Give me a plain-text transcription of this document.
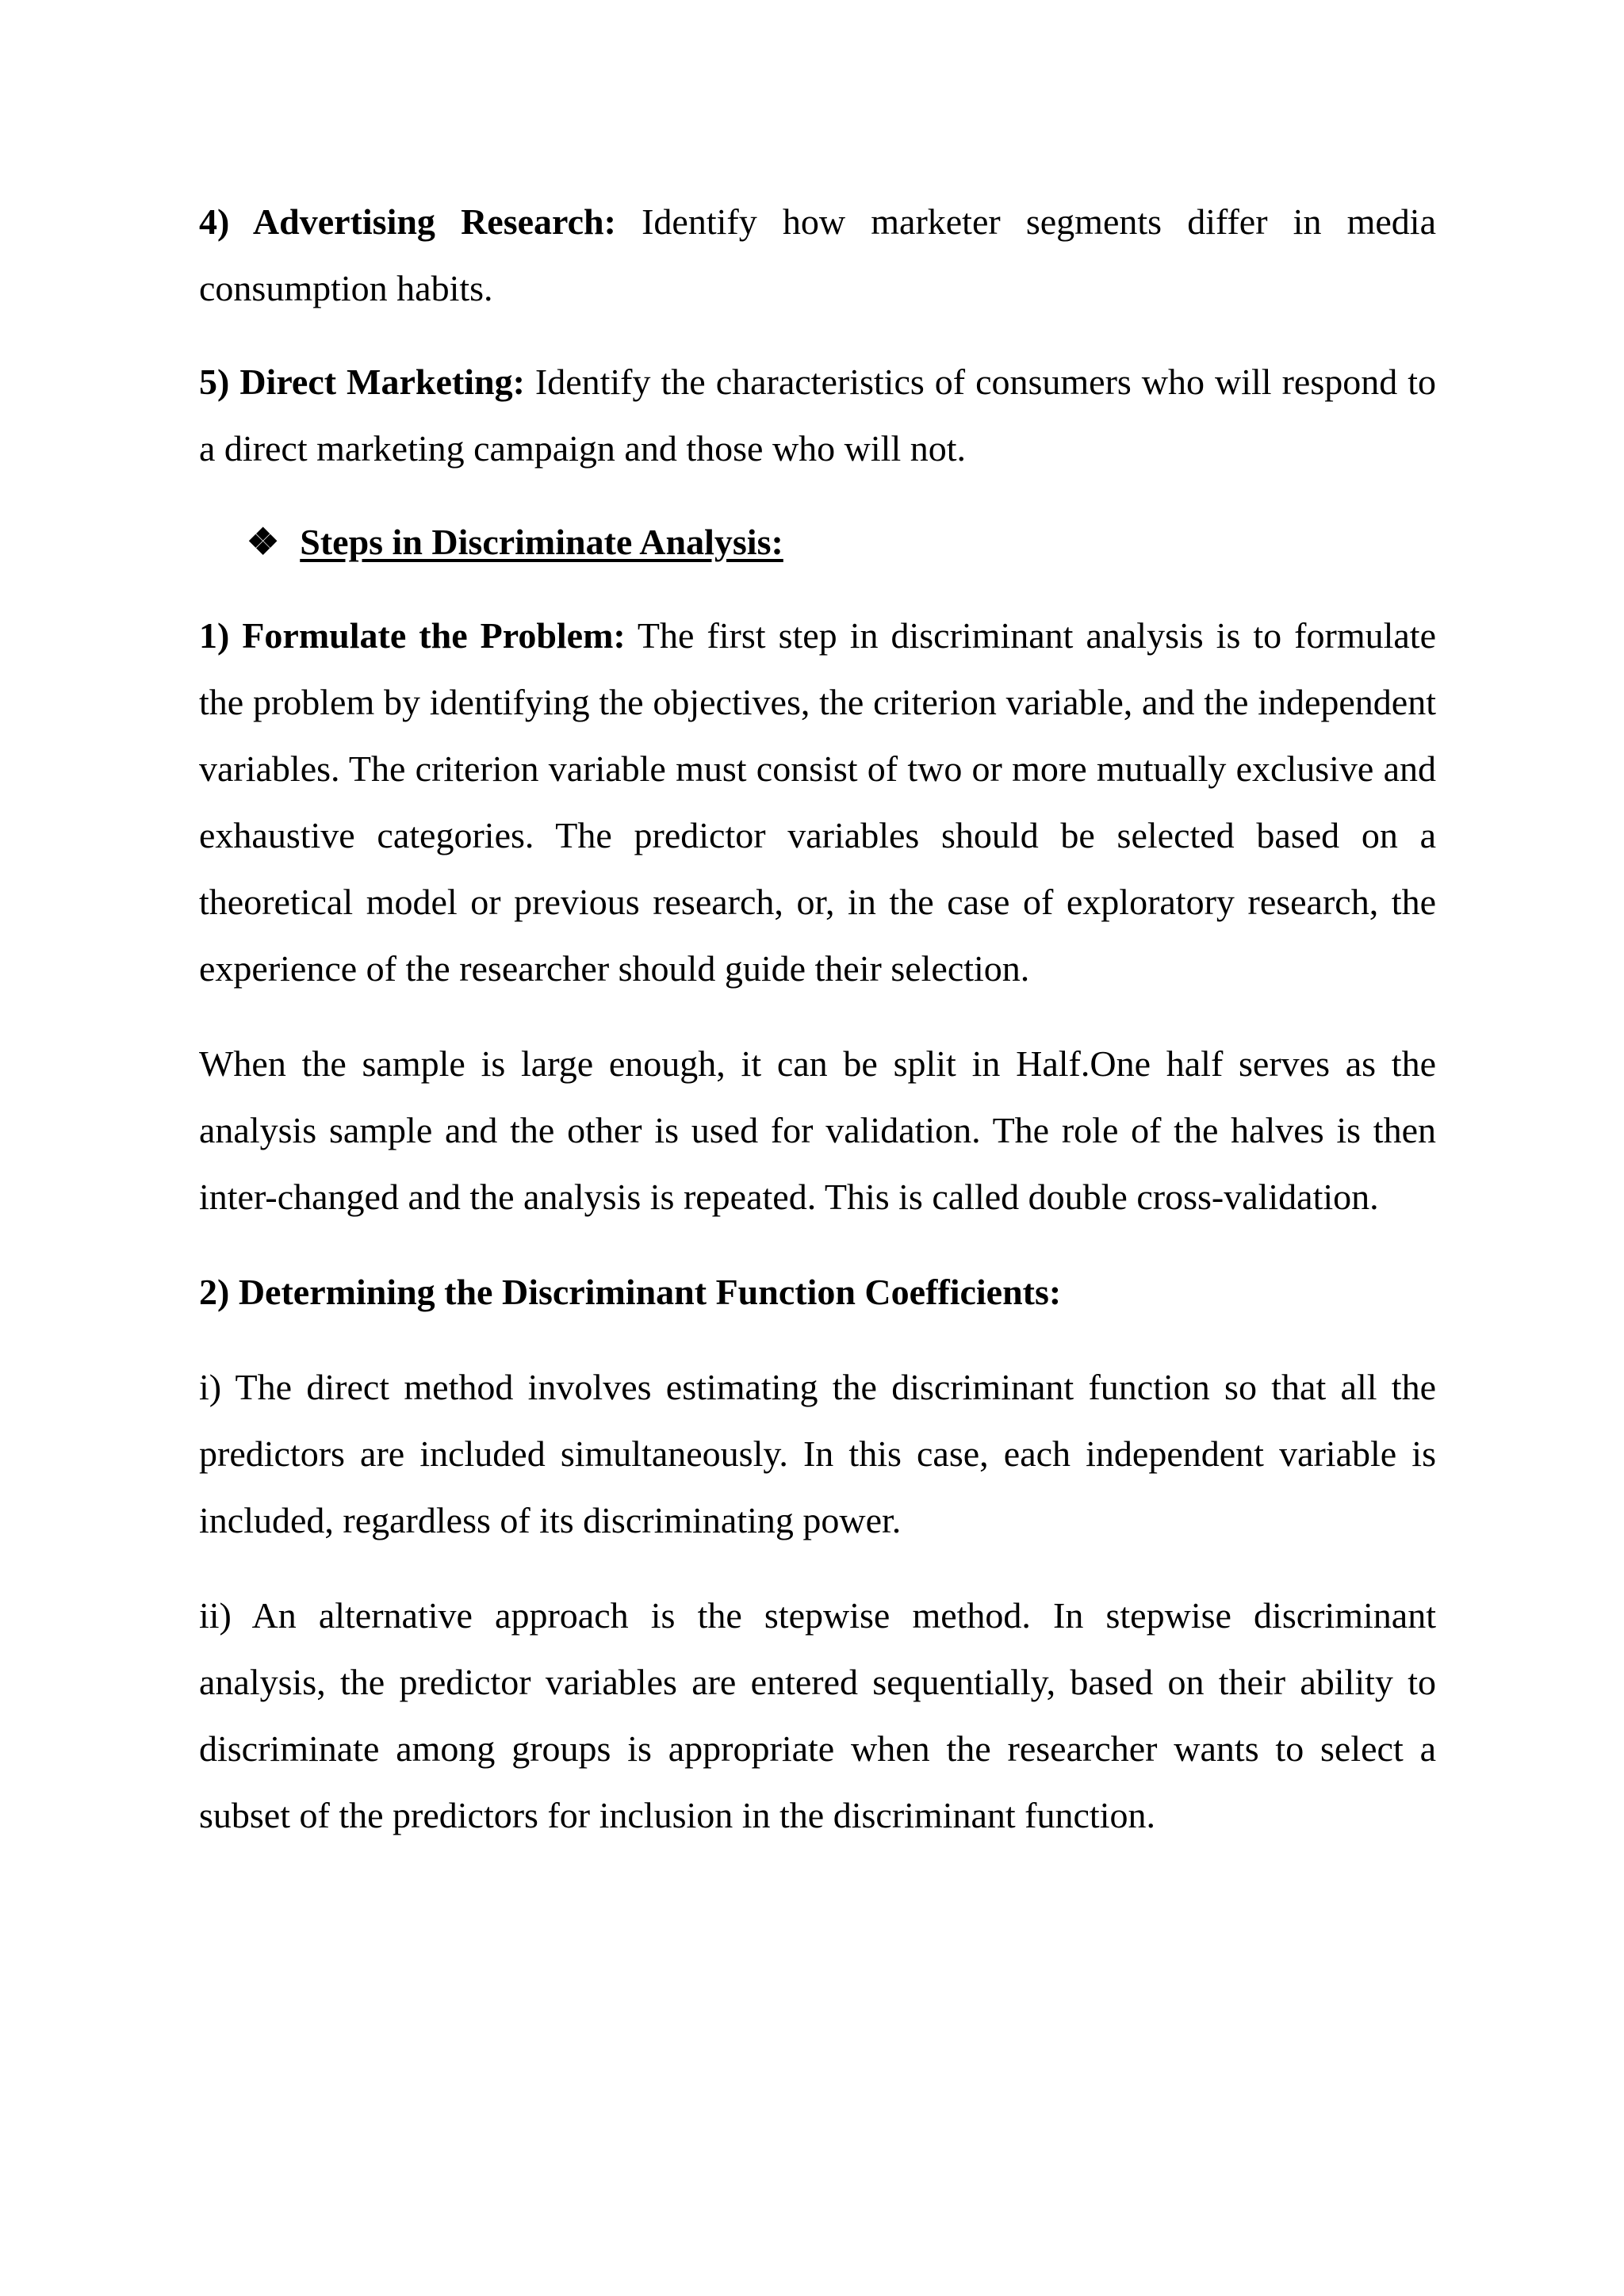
4) Advertising Research: Identify how marketer segments differ in media consumption habits.

5) Direct Marketing: Identify the characteristics of consumers who will respond to a direct marketing campaign and those who will not.

❖ Steps in Discriminate Analysis:

1) Formulate the Problem: The first step in discriminant analysis is to formulate the problem by identifying the objectives, the criterion variable, and the independent variables. The criterion variable must consist of two or more mutually exclusive and exhaustive categories. The predictor variables should be selected based on a theoretical model or previous research, or, in the case of exploratory research, the experience of the researcher should guide their selection.

When the sample is large enough, it can be split in Half.One half serves as the analysis sample and the other is used for validation. The role of the halves is then inter-changed and the analysis is repeated. This is called double cross-validation.

2) Determining the Discriminant Function Coefficients:

i) The direct method involves estimating the discriminant function so that all the predictors are included simultaneously. In this case, each independent variable is included, regardless of its discriminating power.

ii) An alternative approach is the stepwise method. In stepwise discriminant analysis, the predictor variables are entered sequentially, based on their ability to discriminate among groups is appropriate when the researcher wants to select a subset of the predictors for inclusion in the discriminant function.
